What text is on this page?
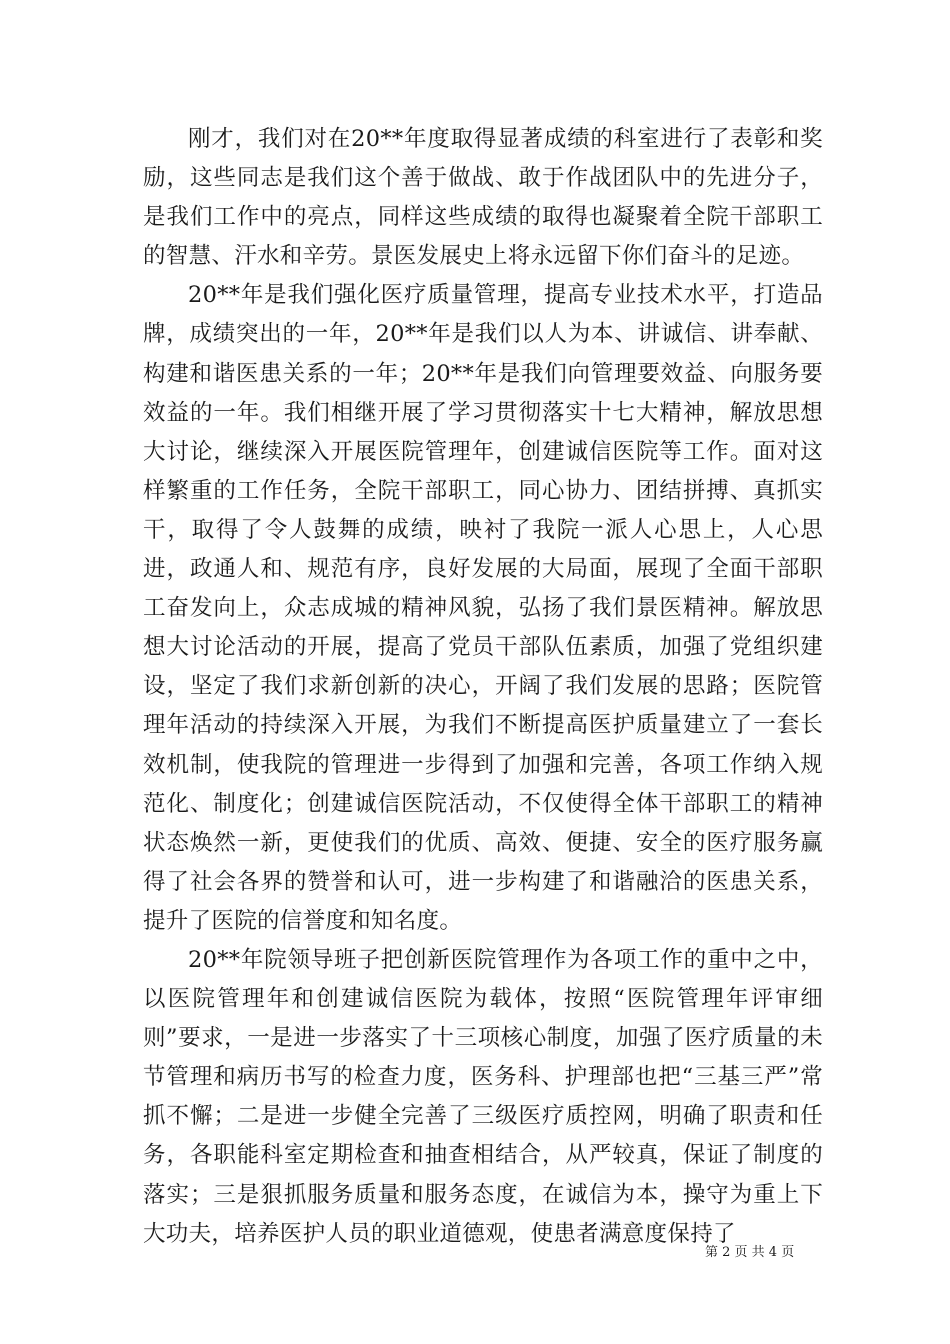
刚才，我们对在20**年度取得显著成绩的科室进行了表彰和奖励，这些同志是我们这个善于做战、敢于作战团队中的先进分子，是我们工作中的亮点，同样这些成绩的取得也凝聚着全院干部职工的智慧、汗水和辛劳。景医发展史上将永远留下你们奋斗的足迹。

20**年是我们强化医疗质量管理，提高专业技术水平，打造品牌，成绩突出的一年，20**年是我们以人为本、讲诚信、讲奉献、构建和谐医患关系的一年；20**年是我们向管理要效益、向服务要效益的一年。我们相继开展了学习贯彻落实十七大精神，解放思想大讨论，继续深入开展医院管理年，创建诚信医院等工作。面对这样繁重的工作任务，全院干部职工，同心协力、团结拼搏、真抓实干，取得了令人鼓舞的成绩，映衬了我院一派人心思上，人心思进，政通人和、规范有序，良好发展的大局面，展现了全面干部职工奋发向上，众志成城的精神风貌，弘扬了我们景医精神。解放思想大讨论活动的开展，提高了党员干部队伍素质，加强了党组织建设，坚定了我们求新创新的决心，开阔了我们发展的思路；医院管理年活动的持续深入开展，为我们不断提高医护质量建立了一套长效机制，使我院的管理进一步得到了加强和完善，各项工作纳入规范化、制度化；创建诚信医院活动，不仅使得全体干部职工的精神状态焕然一新，更使我们的优质、高效、便捷、安全的医疗服务赢得了社会各界的赞誉和认可，进一步构建了和谐融洽的医患关系，提升了医院的信誉度和知名度。

20**年院领导班子把创新医院管理作为各项工作的重中之中，以医院管理年和创建诚信医院为载体，按照“医院管理年评审细则”要求，一是进一步落实了十三项核心制度，加强了医疗质量的未节管理和病历书写的检查力度，医务科、护理部也把“三基三严”常抓不懈；二是进一步健全完善了三级医疗质控网，明确了职责和任务，各职能科室定期检查和抽查相结合，从严较真，保证了制度的落实；三是狠抓服务质量和服务态度，在诚信为本，操守为重上下大功夫，培养医护人员的职业道德观，使患者满意度保持了

第 2 页 共 4 页
